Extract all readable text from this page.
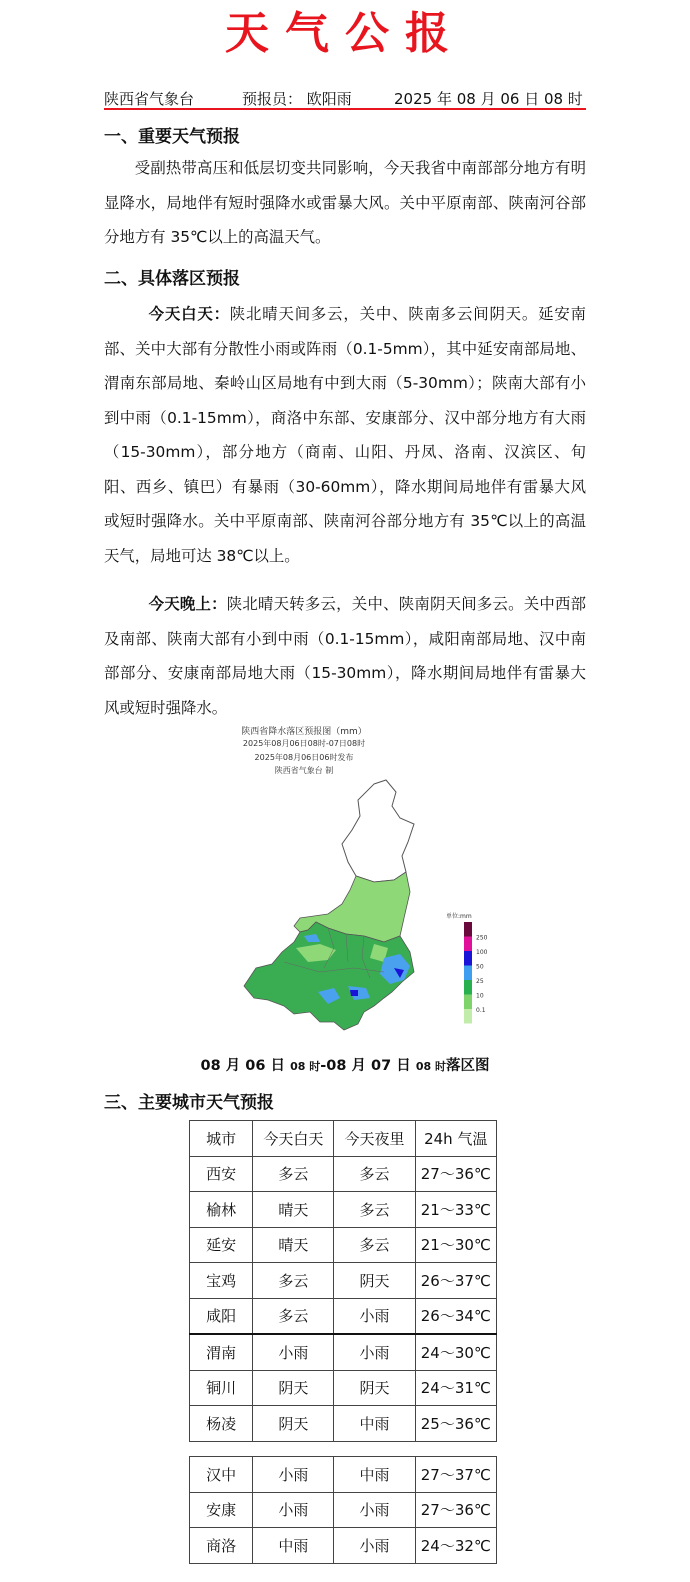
天气公报
陕西省气象台	预报员： 欧阳雨	2025 年 08 月 06 日 08 时
一、重要天气预报

受副热带高压和低层切变共同影响，今天我省中南部部分地方有明显降水，局地伴有短时强降水或雷暴大风。关中平原南部、陕南河谷部分地方有 35℃以上的高温天气。

二、具体落区预报

今天白天：陕北晴天间多云，关中、陕南多云间阴天。延安南部、关中大部有分散性小雨或阵雨（0.1-5mm），其中延安南部局地、渭南东部局地、秦岭山区局地有中到大雨（5-30mm）；陕南大部有小到中雨（0.1-15mm），商洛中东部、安康部分、汉中部分地方有大雨（15-30mm），部分地方（商南、山阳、丹凤、洛南、汉滨区、旬阳、西乡、镇巴）有暴雨（30-60mm），降水期间局地伴有雷暴大风或短时强降水。关中平原南部、陕南河谷部分地方有 35℃以上的高温天气，局地可达 38℃以上。

今天晚上：陕北晴天转多云，关中、陕南阴天间多云。关中西部及南部、陕南大部有小到中雨（0.1-15mm），咸阳南部局地、汉中南部部分、安康南部局地大雨（15-30mm），降水期间局地伴有雷暴大风或短时强降水。

陕西省降水落区预报图（mm）
2025年08月06日08时-07日08时
2025年08月06日06时发布
陕西省气象台 制
单位:mm
250
100
50
25
10
0.1
08 月 06 日 08 时-08 月 07 日 08 时落区图
三、主要城市天气预报
城市	今天白天	今天夜里	24h 气温
西安	多云	多云	27～36℃
榆林	晴天	多云	21～33℃
延安	晴天	多云	21～30℃
宝鸡	多云	阴天	26～37℃
咸阳	多云	小雨	26～34℃
渭南	小雨	小雨	24～30℃
铜川	阴天	阴天	24～31℃
杨凌	阴天	中雨	25～36℃
汉中	小雨	中雨	27～37℃
安康	小雨	小雨	27～36℃
商洛	中雨	小雨	24～32℃
